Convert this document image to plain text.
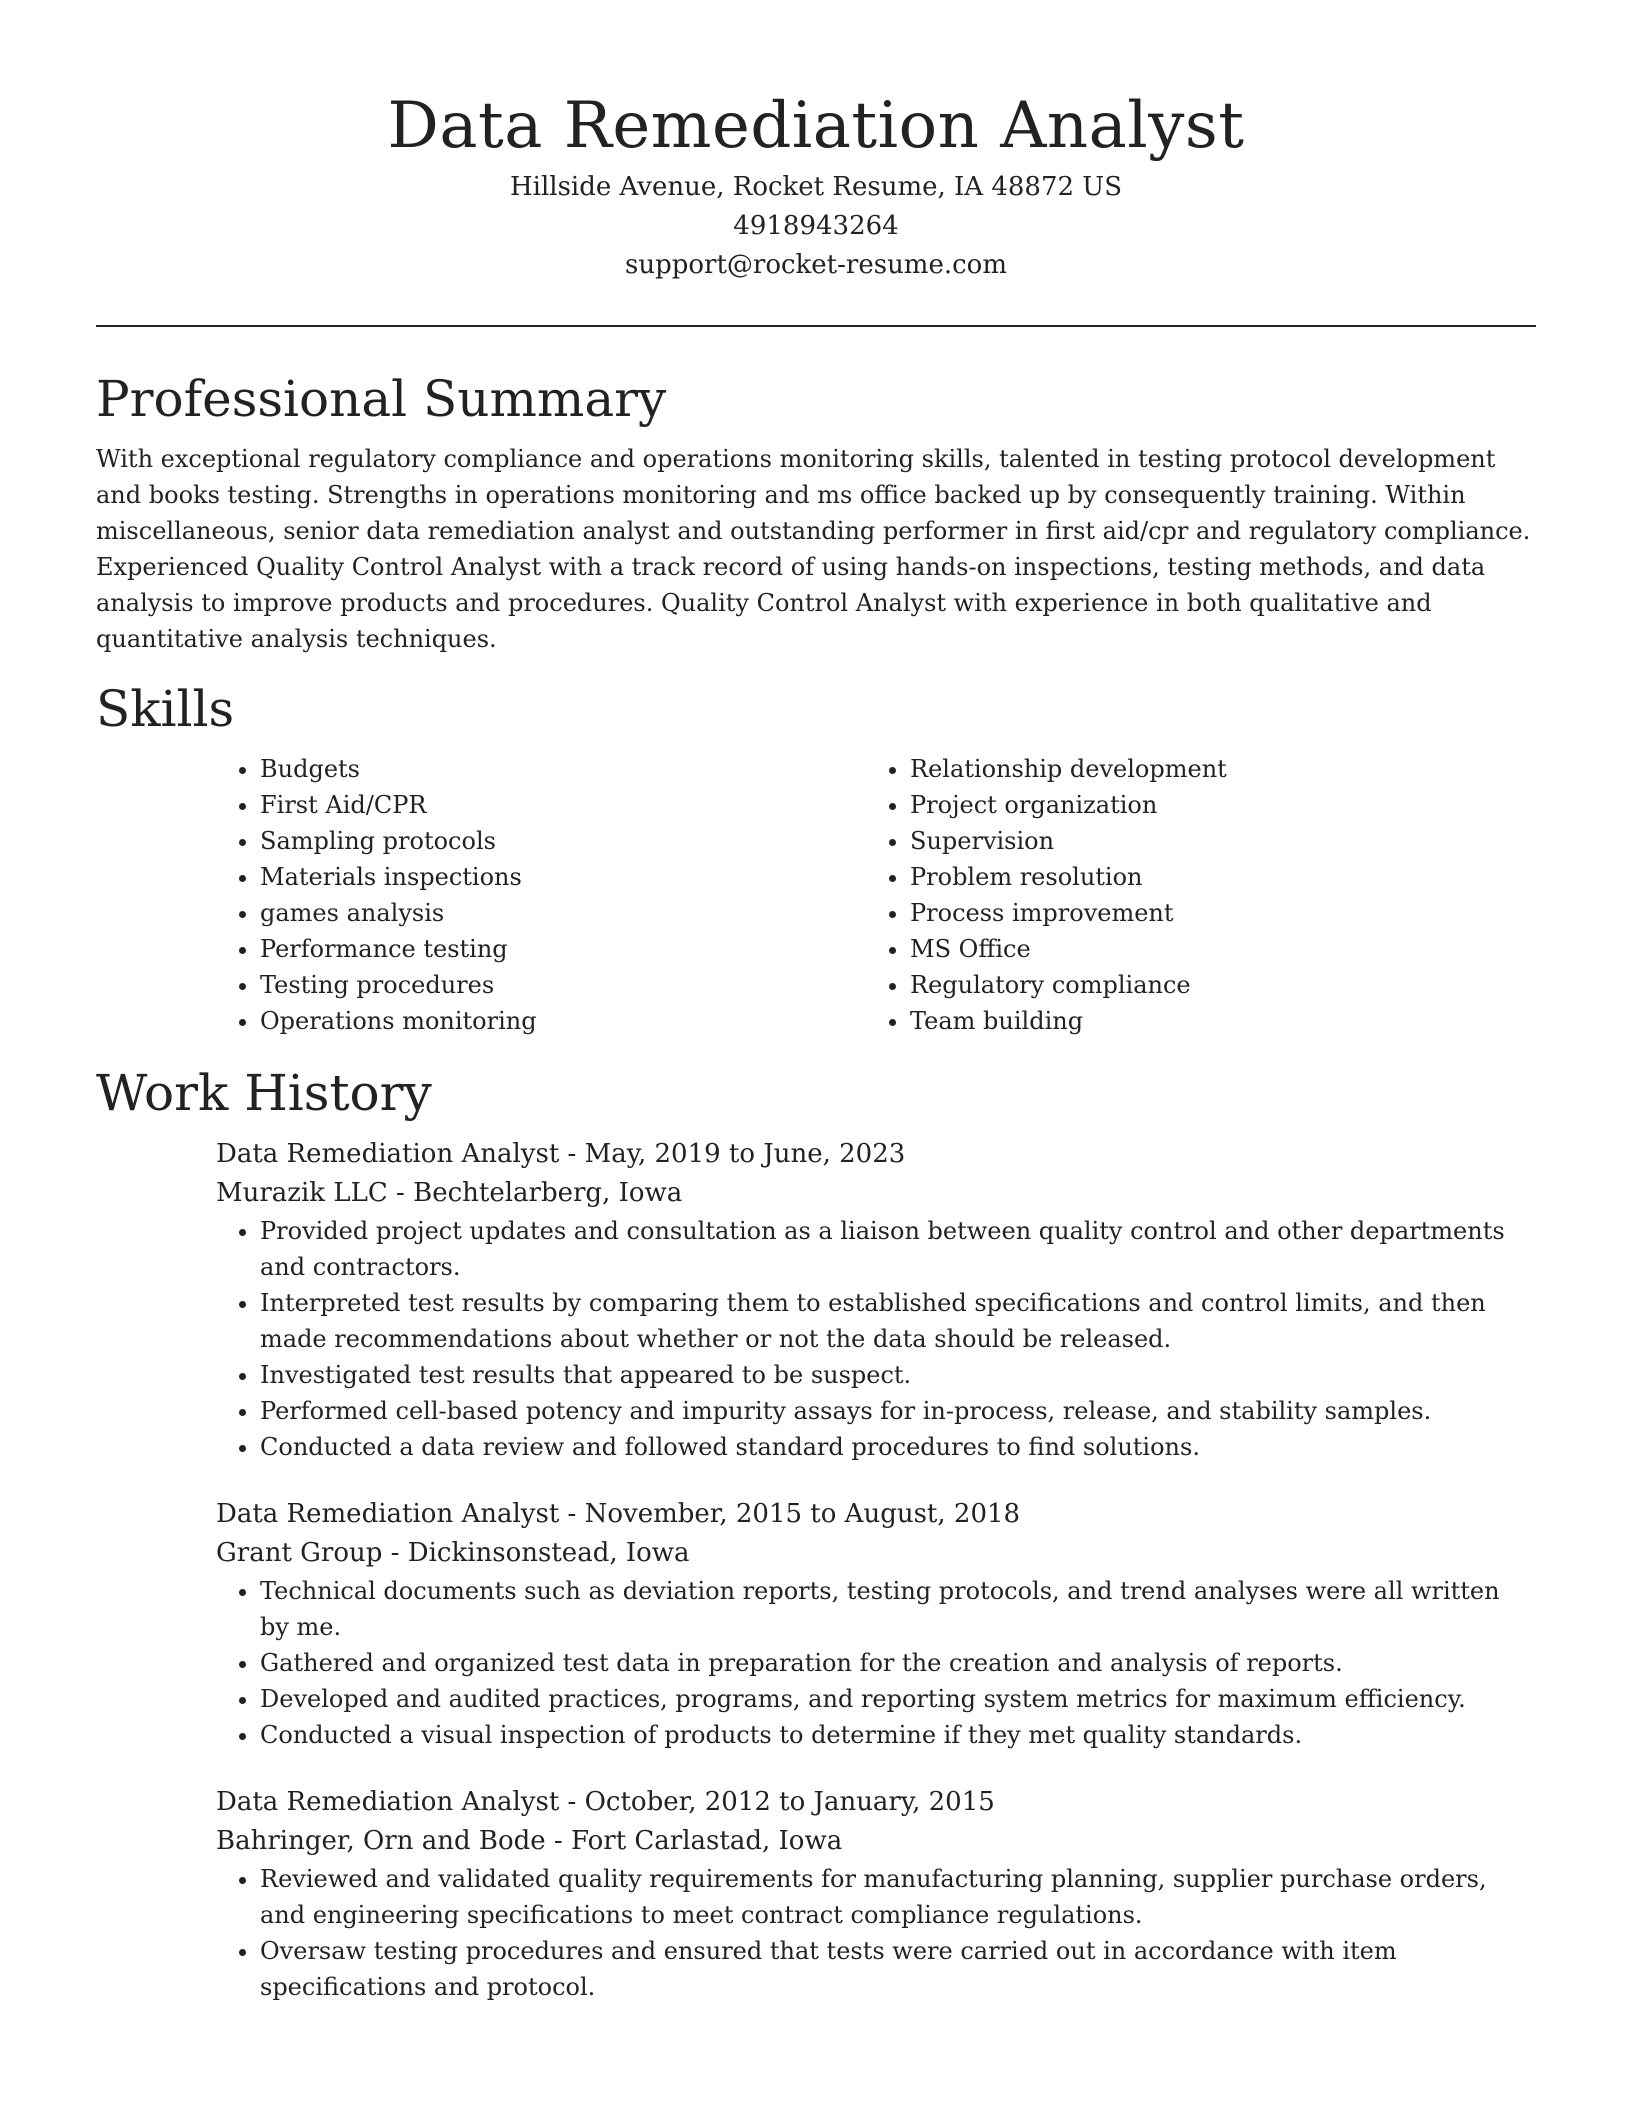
Data Remediation Analyst
Hillside Avenue, Rocket Resume, IA 48872 US
4918943264
support@rocket-resume.com
Professional Summary

With exceptional regulatory compliance and operations monitoring skills, talented in testing protocol development and books testing. Strengths in operations monitoring and ms office backed up by consequently training. Within miscellaneous, senior data remediation analyst and outstanding performer in first aid/cpr and regulatory compliance. Experienced Quality Control Analyst with a track record of using hands-on inspections, testing methods, and data analysis to improve products and procedures. Quality Control Analyst with experience in both qualitative and quantitative analysis techniques.

Skills
• Budgets
• First Aid/CPR
• Sampling protocols
• Materials inspections
• games analysis
• Performance testing
• Testing procedures
• Operations monitoring
• Relationship development
• Project organization
• Supervision
• Problem resolution
• Process improvement
• MS Office
• Regulatory compliance
• Team building
Work History
Data Remediation Analyst - May, 2019 to June, 2023
Murazik LLC - Bechtelarberg, Iowa
• Provided project updates and consultation as a liaison between quality control and other departments and contractors.
• Interpreted test results by comparing them to established specifications and control limits, and then made recommendations about whether or not the data should be released.
• Investigated test results that appeared to be suspect.
• Performed cell-based potency and impurity assays for in-process, release, and stability samples.
• Conducted a data review and followed standard procedures to find solutions.
Data Remediation Analyst - November, 2015 to August, 2018
Grant Group - Dickinsonstead, Iowa
• Technical documents such as deviation reports, testing protocols, and trend analyses were all written by me.
• Gathered and organized test data in preparation for the creation and analysis of reports.
• Developed and audited practices, programs, and reporting system metrics for maximum efficiency.
• Conducted a visual inspection of products to determine if they met quality standards.
Data Remediation Analyst - October, 2012 to January, 2015
Bahringer, Orn and Bode - Fort Carlastad, Iowa
• Reviewed and validated quality requirements for manufacturing planning, supplier purchase orders, and engineering specifications to meet contract compliance regulations.
• Oversaw testing procedures and ensured that tests were carried out in accordance with item specifications and protocol.
